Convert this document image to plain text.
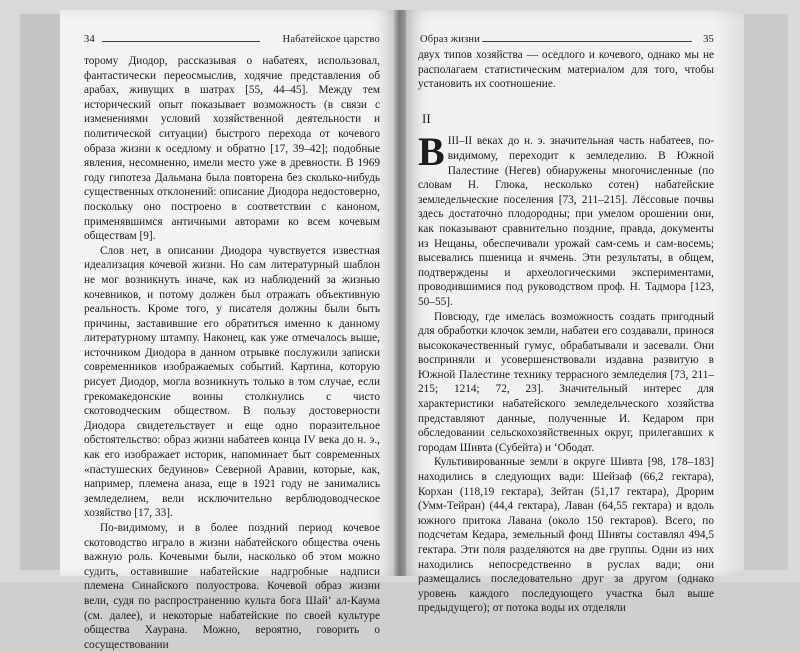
34	Набатейское царство	Образ жизни	35

торому Диодор, рассказывая о набатеях, использовал, фантастически переосмыслив, ходячие представления об арабах, живущих в шатрах [55, 44–45]. Между тем исторический опыт показывает возможность (в связи с изменениями условий хозяйственной деятельности и политической ситуации) быстрого перехода от кочевого образа жизни к оседлому и обратно [17, 39–42]; подобные явления, несомненно, имели место уже в древности. В 1969 году гипотеза Дальмана была повторена без сколько-нибудь существенных отклонений: описание Диодора недостоверно, поскольку оно построено в соответствии с каноном, применявшимся античными авторами ко всем кочевым обществам [9].

Слов нет, в описании Диодора чувствуется известная идеализация кочевой жизни. Но сам литературный шаблон не мог возникнуть иначе, как из наблюдений за жизнью кочевников, и потому должен был отражать объективную реальность. Кроме того, у писателя должны были быть причины, заставившие его обратиться именно к данному литературному штампу. Наконец, как уже отмечалось выше, источником Диодора в данном отрывке послужили записки современников изображаемых событий. Картина, которую рисует Диодор, могла возникнуть только в том случае, если грекомакедонские воины столкнулись с чисто скотоводческим обществом. В пользу достоверности Диодора свидетельствует и еще одно поразительное обстоятельство: образ жизни набатеев конца IV века до н. э., как его изображает историк, напоминает быт современных «пастушеских бедуинов» Северной Аравии, которые, как, например, племена аназа, еще в 1921 году не занимались земледелием, вели исключительно верблюдоводческое хозяйство [17, 33].

По-видимому, и в более поздний период кочевое скотоводство играло в жизни набатейского общества очень важную роль. Кочевыми были, насколько об этом можно судить, оставившие набатейские надгробные надписи племена Синайского полуострова. Кочевой образ жизни вели, судя по распространению культа бога Шай‘ ал-Каума (см. далее), и некоторые набатейские по своей культуре общества Хаурана. Можно, вероятно, говорить о сосуществовании

двух типов хозяйства — оседлого и кочевого, однако мы не располагаем статистическим материалом для того, чтобы установить их соотношение.

II

ВIII–II веках до н. э. значительная часть набатеев, по-видимому, перexодит к земледелию. В Южной Палестине (Негев) обнаружены многочисленные (по словам Н. Глюка, несколько сотен) набатейские земледельческие поселения [73, 211–215]. Лёссовые почвы здесь достаточно плодородны; при умелом орошении они, как показывают сравнительно поздние, правда, документы из Нещаны, обеспечивали урожай сам-семь и сам-восемь; высевались пшеница и ячмень. Эти результаты, в общем, подтверждены и археологическими экспериментами, проводившимися под руководством проф. Н. Тадмора [123, 50–55].

Повсюду, где имелась возможность создать пригодный для обработки клочок земли, набатеи его создавали, принося высококачественный гумус, обрабатывали и засевали. Они восприняли и усовершенствовали издавна развитую в Южной Палестине технику террасного земледелия [73, 211–215; 1214; 72, 23]. Значительный интерес для характеристики набатейского земледельческого хозяйства представляют данные, полученные И. Кедаром при обследовании сельскохозяйственных округ, прилегавших к городам Шивта (Субейта) и ‘Ободат.

Культивированные земли в округе Шивта [98, 178–183] находились в следующих вади: Шейзаф (66,2 гектара), Корхан (118,19 гектара), Зейтан (51,17 гектара), Дрорим (Умм-Тейран) (44,4 гектара), Лаван (64,55 гектара) и вдоль южного притока Лавана (около 150 гектаров). Всего, по подсчетам Кедара, земельный фонд Шивты составлял 494,5 гектара. Эти поля разделяются на две группы. Одни из них находились непосредственно в руслах вади; они размещались последовательно друг за другом (однако уровень каждого последующего участка был выше предыдущего); от потока воды их отделяли
